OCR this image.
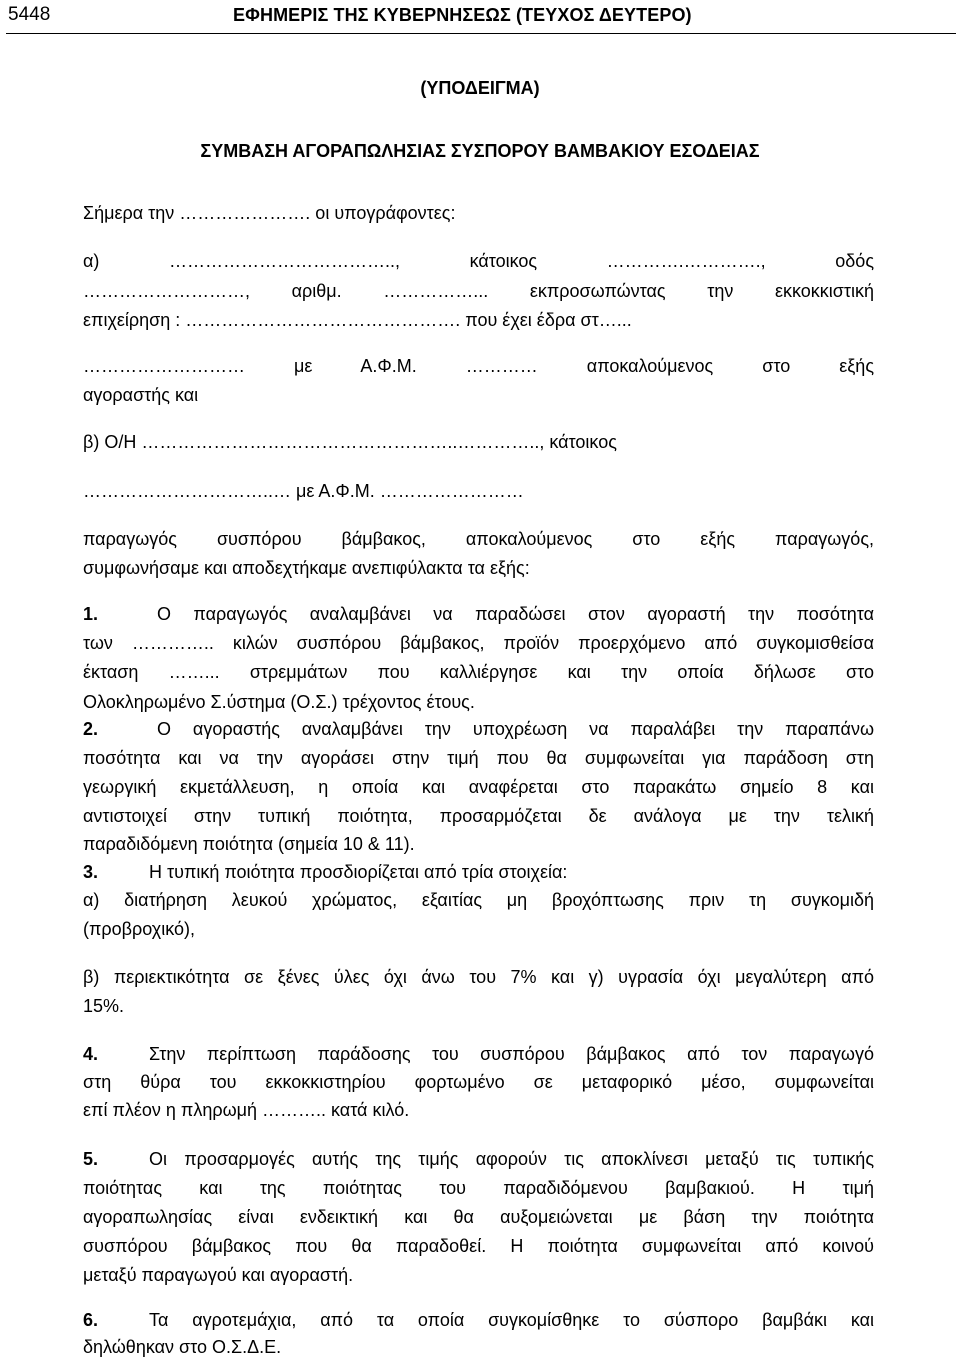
5448	ΕΦΗΜΕΡΙΣ ΤΗΣ ΚΥΒΕΡΝΗΣΕΩΣ (ΤΕΥΧΟΣ ΔΕΥΤΕΡΟ)
(ΥΠΟΔΕΙΓΜΑ)
ΣΥΜΒΑΣΗ ΑΓΟΡΑΠΩΛΗΣΙΑΣ ΣΥΣΠΟΡΟΥ ΒΑΜΒΑΚΙΟΥ ΕΣΟΔΕΙΑΣ
Σήμερα την …………………. οι υπογράφοντες:
α) ……………………………….., κάτοικος ………….…………., οδός
………………………, αριθμ. ……………... εκπροσωπώντας την εκκοκκιστική
επιχείρηση : ………………………………………. που έχει έδρα στ…...
……………………… με Α.Φ.Μ. ………… αποκαλούμενος στο εξής
αγοραστής και
β) Ο/Η ……………………………………………..………….., κάτοικος
…………………………..… με Α.Φ.Μ. ……………………
παραγωγός συσπόρου βάμβακος, αποκαλούμενος στο εξής παραγωγός,
συμφωνήσαμε και αποδεχτήκαμε ανεπιφύλακτα τα εξής:
1.	Ο παραγωγός αναλαμβάνει να παραδώσει στον αγοραστή την ποσότητα
των ………….. κιλών συσπόρου βάμβακος, προϊόν προερχόμενο από συγκομισθείσα
έκταση ……... στρεμμάτων που καλλιέργησε και την οποία δήλωσε στο
Ολοκληρωμένο Σ.ύστημα (Ο.Σ.) τρέχοντος έτους.
2.	Ο αγοραστής αναλαμβάνει την υποχρέωση να παραλάβει την παραπάνω
ποσότητα και να την αγοράσει στην τιμή που θα συμφωνείται για παράδοση στη
γεωργική εκμετάλλευση, η οποία και αναφέρεται στο παρακάτω σημείο 8 και
αντιστοιχεί στην τυπική ποιότητα, προσαρμόζεται δε ανάλογα με την τελική
παραδιδόμενη ποιότητα (σημεία 10 & 11).
3.	Η τυπική ποιότητα προσδιορίζεται από τρία στοιχεία:
α) διατήρηση λευκού χρώματος, εξαιτίας μη βροχόπτωσης πριν τη συγκομιδή
(προβροχικό),
β) περιεκτικότητα σε ξένες ύλες όχι άνω του 7% και γ) υγρασία όχι μεγαλύτερη από
15%.
4.	Στην περίπτωση παράδοσης του συσπόρου βάμβακος από τον παραγωγό
στη θύρα του εκκοκκιστηρίου φορτωμένο σε μεταφορικό μέσο, συμφωνείται
επί πλέον η πληρωμή ……….. κατά κιλό.
5.	Οι προσαρμογές αυτής της τιμής αφορούν τις αποκλίνεσι μεταξύ τις τυπικής
ποιότητας και της ποιότητας του παραδιδόμενου βαμβακιού. Η τιμή
αγοραπωλησίας είναι ενδεικτική και θα αυξομειώνεται με βάση την ποιότητα
συσπόρου βάμβακος που θα παραδοθεί. Η ποιότητα συμφωνείται από κοινού
μεταξύ παραγωγού και αγοραστή.
6.	Τα αγροτεμάχια, από τα οποία συγκομίσθηκε το σύσπορο βαμβάκι και
δηλώθηκαν στο Ο.Σ.Δ.Ε.
